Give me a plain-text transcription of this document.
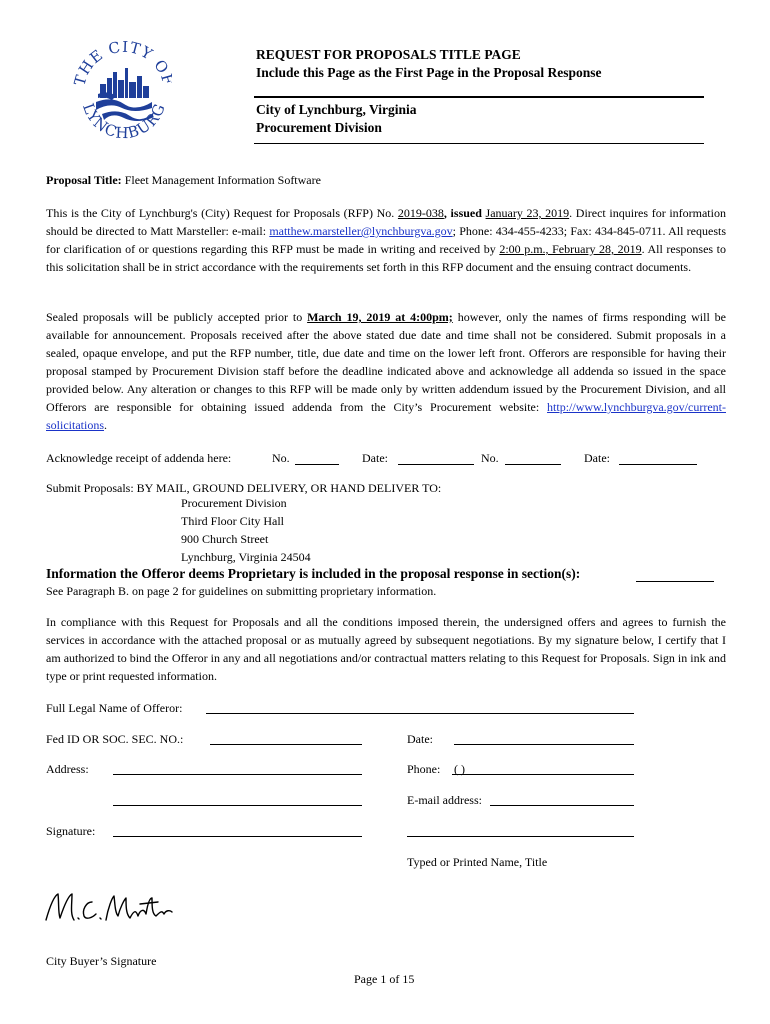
THE CITY O
LYNCHBURG
REQUEST FOR PROPOSALS TITLE PAGE
Include this Page as the First Page in the Proposal Response
City of Lynchburg, Virginia
Procurement Division
Proposal Title: Fleet Management Information Software
This is the City of Lynchburg's (City) Request for Proposals (RFP) No. 2019-038, issued January 23, 2019. Direct inquires for information should be directed to Matt Marsteller: e-mail: matthew.marsteller@lynchburgva.gov; Phone: 434-455-4233; Fax: 434-845-0711. All requests for clarification of or questions regarding this RFP must be made in writing and received by 2:00 p.m., February 28, 2019. All responses to this solicitation shall be in strict accordance with the requirements set forth in this RFP document and the ensuing contract documents.
Sealed proposals will be publicly accepted prior to March 19, 2019 at 4:00pm; however, only the names of firms responding will be available for announcement. Proposals received after the above stated due date and time shall not be considered. Submit proposals in a sealed, opaque envelope, and put the RFP number, title, due date and time on the lower left front. Offerors are responsible for having their proposal stamped by Procurement Division staff before the deadline indicated above and acknowledge all addenda so issued in the space provided below. Any alteration or changes to this RFP will be made only by written addendum issued by the Procurement Division, and all Offerors are responsible for obtaining issued addenda from the City’s Procurement website: http://www.lynchburgva.gov/current-solicitations.
Acknowledge receipt of addenda here:	No.	Date:	No.	Date:
Submit Proposals: BY MAIL, GROUND DELIVERY, OR HAND DELIVER TO:
Procurement Division
Third Floor City Hall
900 Church Street
Lynchburg, Virginia 24504
Information the Offeror deems Proprietary is included in the proposal response in section(s):
See Paragraph B. on page 2 for guidelines on submitting proprietary information.
In compliance with this Request for Proposals and all the conditions imposed therein, the undersigned offers and agrees to furnish the services in accordance with the attached proposal or as mutually agreed by subsequent negotiations. By my signature below, I certify that I am authorized to bind the Offeror in any and all negotiations and/or contractual matters relating to this Request for Proposals. Sign in ink and type or print requested information.
Full Legal Name of Offeror:
Fed ID OR SOC. SEC. NO.:	Date:
Address:	Phone: ( )
E-mail address:
Signature:
Typed or Printed Name, Title
City Buyer’s Signature
Page 1 of 15
